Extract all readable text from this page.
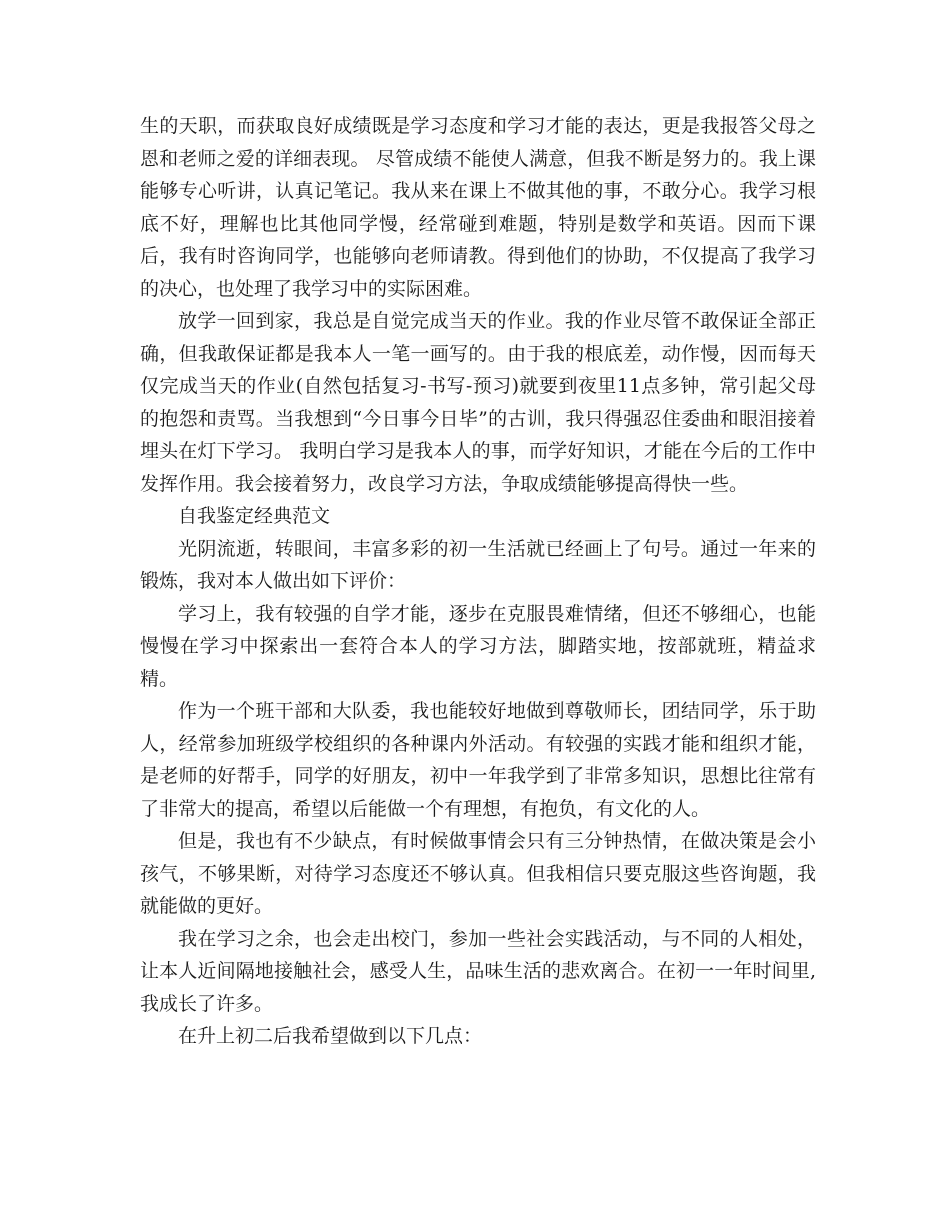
生的天职，而获取良好成绩既是学习态度和学习才能的表达，更是我报答父母之恩和老师之爱的详细表现。 尽管成绩不能使人满意，但我不断是努力的。我上课能够专心听讲，认真记笔记。我从来在课上不做其他的事，不敢分心。我学习根底不好，理解也比其他同学慢，经常碰到难题，特别是数学和英语。因而下课后，我有时咨询同学，也能够向老师请教。得到他们的协助，不仅提高了我学习的决心，也处理了我学习中的实际困难。

放学一回到家，我总是自觉完成当天的作业。我的作业尽管不敢保证全部正确，但我敢保证都是我本人一笔一画写的。由于我的根底差，动作慢，因而每天仅完成当天的作业(自然包括复习-书写-预习)就要到夜里11点多钟，常引起父母的抱怨和责骂。当我想到“今日事今日毕”的古训，我只得强忍住委曲和眼泪接着埋头在灯下学习。 我明白学习是我本人的事，而学好知识，才能在今后的工作中发挥作用。我会接着努力，改良学习方法，争取成绩能够提高得快一些。

自我鉴定经典范文

光阴流逝，转眼间，丰富多彩的初一生活就已经画上了句号。通过一年来的锻炼，我对本人做出如下评价：

学习上，我有较强的自学才能，逐步在克服畏难情绪，但还不够细心，也能慢慢在学习中探索出一套符合本人的学习方法，脚踏实地，按部就班，精益求精。

作为一个班干部和大队委，我也能较好地做到尊敬师长，团结同学，乐于助人，经常参加班级学校组织的各种课内外活动。有较强的实践才能和组织才能，是老师的好帮手，同学的好朋友，初中一年我学到了非常多知识，思想比往常有了非常大的提高，希望以后能做一个有理想，有抱负，有文化的人。

但是，我也有不少缺点，有时候做事情会只有三分钟热情，在做决策是会小孩气，不够果断，对待学习态度还不够认真。但我相信只要克服这些咨询题，我就能做的更好。

我在学习之余，也会走出校门，参加一些社会实践活动，与不同的人相处，让本人近间隔地接触社会，感受人生，品味生活的悲欢离合。在初一一年时间里,我成长了许多。

在升上初二后我希望做到以下几点：
